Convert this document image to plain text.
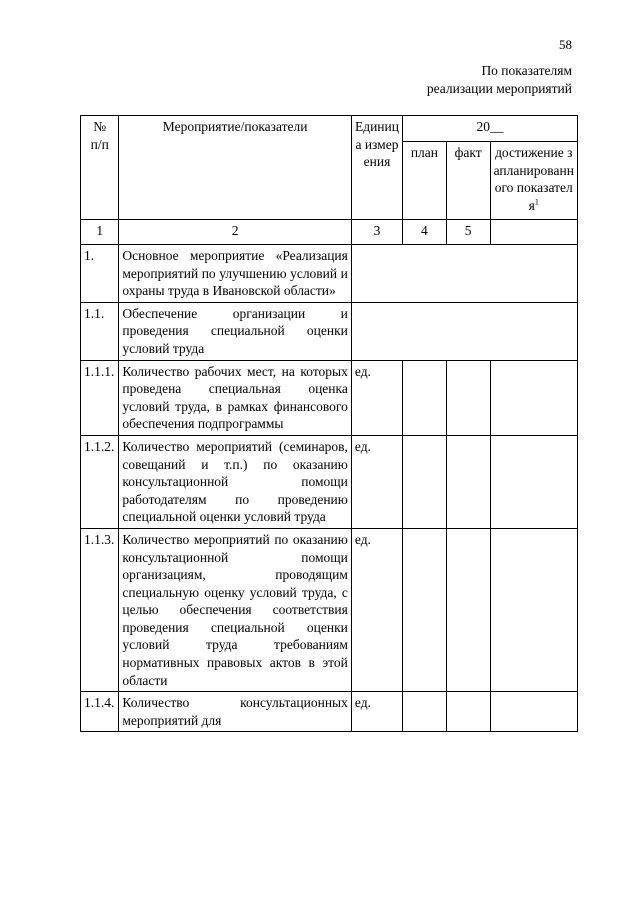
58
По показателям
реализации мероприятий
№
п/п	Мероприятие/показатели	Единица измерения	20__		
			план	факт	достижение запланированного показателя$^1$
1	2	3	4	5	
1.	Основное мероприятие «Реализация мероприятий по улучшению условий и охраны труда в Ивановской области»				
1.1.	Обеспечение организации и проведения специальной оценки условий труда				
1.1.1.	Количество рабочих мест, на которых проведена специальная оценка условий труда, в рамках финансового обеспечения подпрограммы	ед.			
1.1.2.	Количество мероприятий (семинаров, совещаний и т.п.) по оказанию консультационной помощи работодателям по проведению специальной оценки условий труда	ед.			
1.1.3.	Количество мероприятий по оказанию консультационной помощи организациям, проводящим специальную оценку условий труда, с целью обеспечения соответствия проведения специальной оценки условий труда требованиям нормативных правовых актов в этой области	ед.			
1.1.4.	Количество консультационных мероприятий для	ед.			
